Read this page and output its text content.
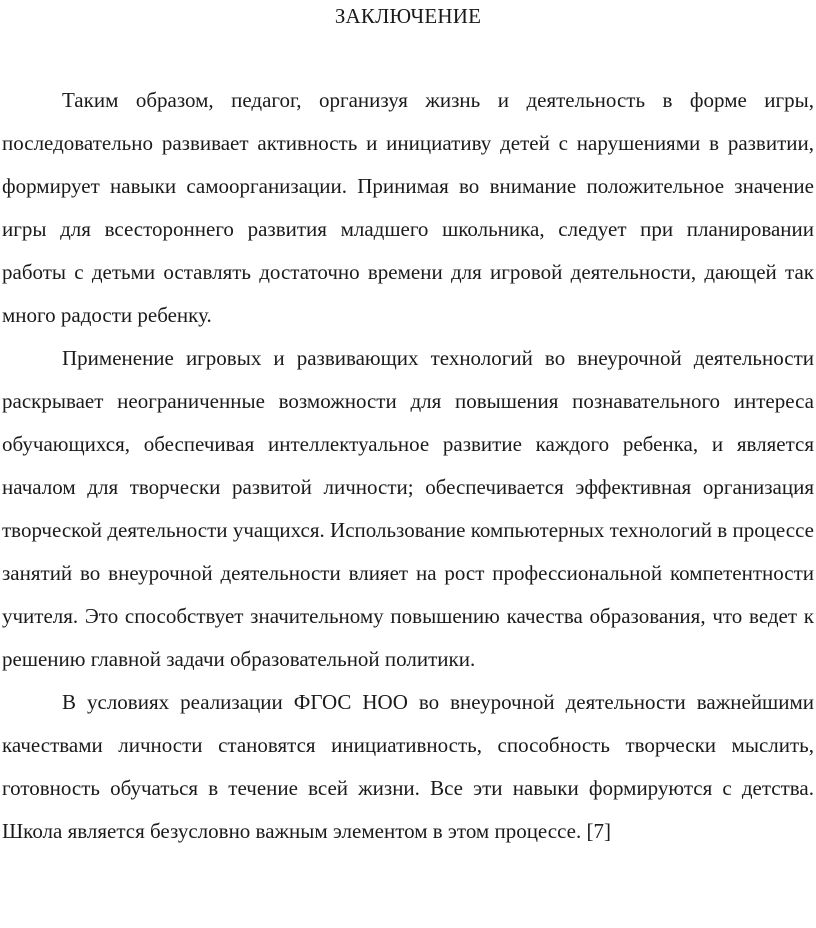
ЗАКЛЮЧЕНИЕ

Таким образом, педагог, организуя жизнь и деятельность в форме игры, последовательно развивает активность и инициативу детей с нарушениями в развитии, формирует навыки самоорганизации. Принимая во внимание положительное значение игры для всестороннего развития младшего школьника, следует при планировании работы с детьми оставлять достаточно времени для игровой деятельности, дающей так много радости ребенку.

Применение игровых и развивающих технологий во внеурочной деятельности раскрывает неограниченные возможности для повышения познавательного интереса обучающихся, обеспечивая интеллектуальное развитие каждого ребенка, и является началом для творчески развитой личности; обеспечивается эффективная организация творческой деятельности учащихся. Использование компьютерных технологий в процессе занятий во внеурочной деятельности влияет на рост профессиональной компетентности учителя. Это способствует значительному повышению качества образования, что ведет к решению главной задачи образовательной политики.

В условиях реализации ФГОС НОО во внеурочной деятельности важнейшими качествами личности становятся инициативность, способность творчески мыслить, готовность обучаться в течение всей жизни. Все эти навыки формируются с детства. Школа является безусловно важным элементом в этом процессе. [7]
